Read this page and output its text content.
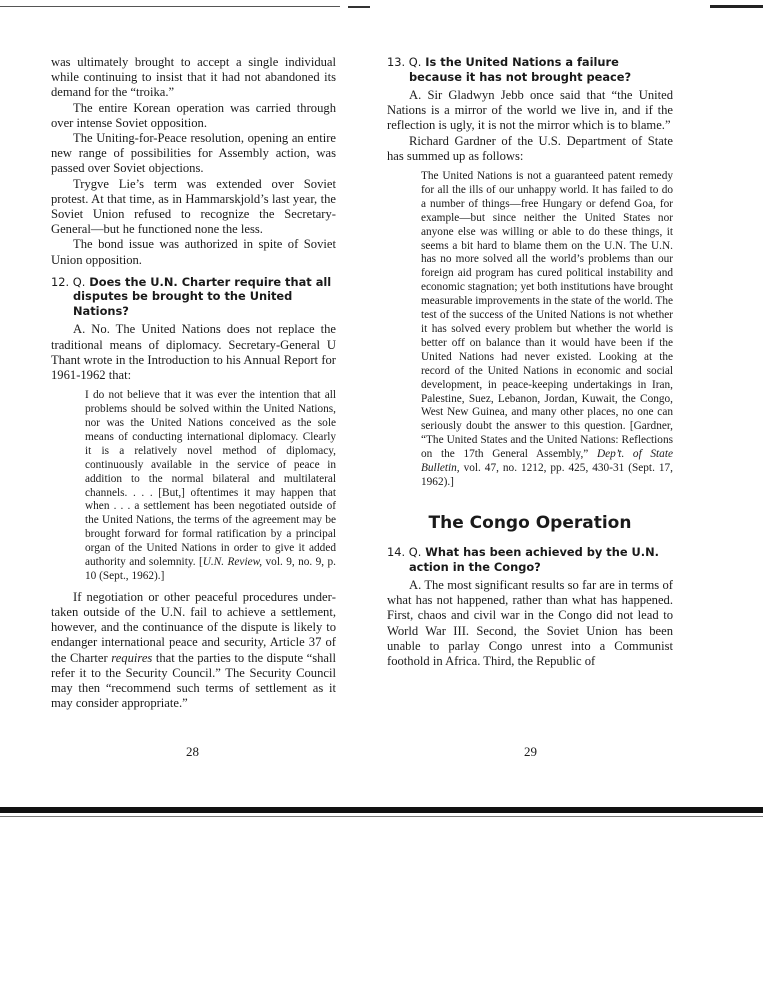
was ultimately brought to accept a single individual while continuing to insist that it had not abandoned its demand for the “troika.”

The entire Korean operation was carried through over intense Soviet opposition.

The Uniting-for-Peace resolution, opening an entire new range of possibilities for Assembly action, was passed over Soviet objections.

Trygve Lie’s term was extended over Soviet protest. At that time, as in Hammarskjold’s last year, the Soviet Union refused to recognize the Secretary-General—but he functioned none the less.

The bond issue was authorized in spite of Soviet Union opposition.

12. Q. Does the U.N. Charter require that all disputes be brought to the United Nations?

A. No. The United Nations does not replace the traditional means of diplomacy. Secretary-General U Thant wrote in the Introduction to his Annual Report for 1961-1962 that:

I do not believe that it was ever the intention that all problems should be solved within the United Nations, nor was the United Nations conceived as the sole means of conducting international diplomacy. Clearly it is a relatively novel method of diplomacy, continuously available in the service of peace in addition to the normal bilateral and multilateral channels. . . . [But,] oftentimes it may happen that when . . . a settlement has been negotiated outside of the United Nations, the terms of the agreement may be brought forward for formal ratification by a principal organ of the United Nations in order to give it added authority and solemnity. [U.N. Review, vol. 9, no. 9, p. 10 (Sept., 1962).]

If negotiation or other peaceful procedures undertaken outside of the U.N. fail to achieve a settlement, however, and the continuance of the dispute is likely to endanger international peace and security, Article 37 of the Charter requires that the parties to the dispute “shall refer it to the Security Council.” The Security Council may then “recommend such terms of settlement as it may consider appropriate.”

28

13. Q. Is the United Nations a failure because it has not brought peace?

A. Sir Gladwyn Jebb once said that “the United Nations is a mirror of the world we live in, and if the reflection is ugly, it is not the mirror which is to blame.”

Richard Gardner of the U.S. Department of State has summed up as follows:

The United Nations is not a guaranteed patent remedy for all the ills of our unhappy world. It has failed to do a number of things—free Hungary or defend Goa, for example—but since neither the United States nor anyone else was willing or able to do these things, it seems a bit hard to blame them on the U.N. The U.N. has no more solved all the world’s problems than our foreign aid program has cured political instability and economic stagnation; yet both institutions have brought measurable improvements in the state of the world. The test of the success of the United Nations is not whether it has solved every problem but whether the world is better off on balance than it would have been if the United Nations had never existed. Looking at the record of the United Nations in economic and social development, in peace-keeping undertakings in Iran, Palestine, Suez, Lebanon, Jordan, Kuwait, the Congo, West New Guinea, and many other places, no one can seriously doubt the answer to this question. [Gardner, “The United States and the United Nations: Reflections on the 17th General Assembly,” Dep’t. of State Bulletin, vol. 47, no. 1212, pp. 425, 430-31 (Sept. 17, 1962).]

The Congo Operation

14. Q. What has been achieved by the U.N. action in the Congo?

A. The most significant results so far are in terms of what has not happened, rather than what has happened. First, chaos and civil war in the Congo did not lead to World War III. Second, the Soviet Union has been unable to parlay Congo unrest into a Communist foothold in Africa. Third, the Republic of

29
